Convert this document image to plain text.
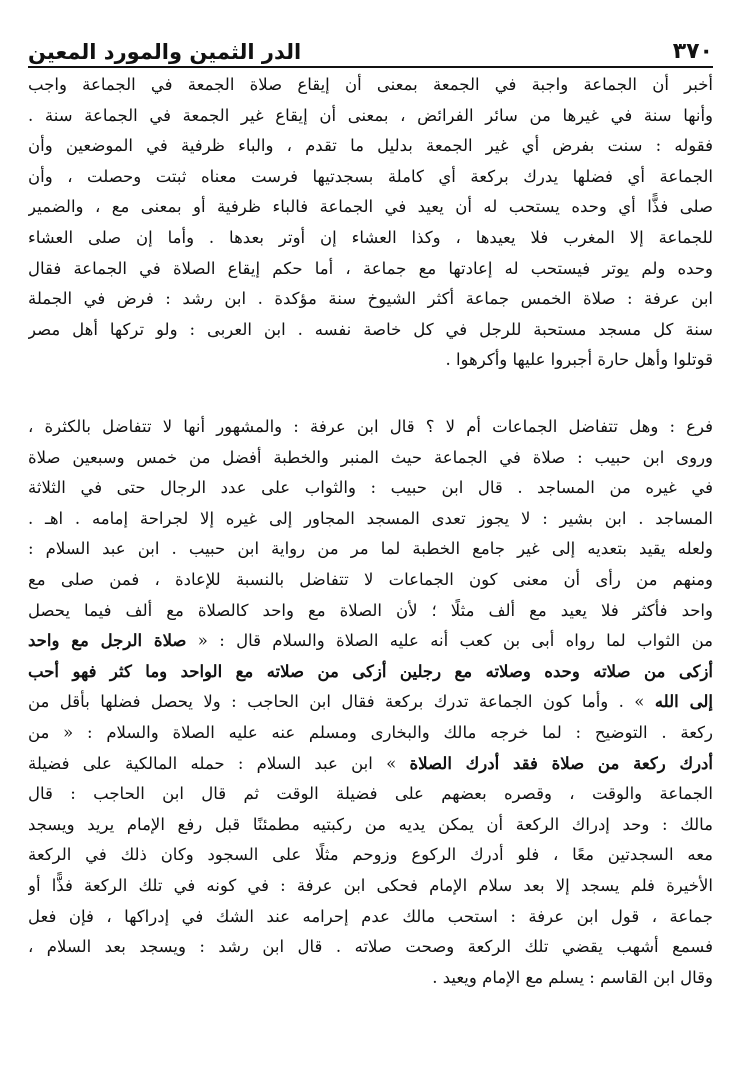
٣٧٠
الدر الثمين والمورد المعين
أخبر أن الجماعة واجبة في الجمعة بمعنى أن إيقاع صلاة الجمعة في الجماعة واجب
وأنها سنة في غيرها من سائر الفرائض ، بمعنى أن إيقاع غير الجمعة في الجماعة سنة .
فقوله : سنت بفرض أي غير الجمعة بدليل ما تقدم ، والباء ظرفية في الموضعين وأن
الجماعة أي فضلها يدرك بركعة أي كاملة بسجدتيها فرست معناه ثبتت وحصلت ، وأن
صلى فذًّا أي وحده يستحب له أن يعيد في الجماعة فالباء ظرفية أو بمعنى مع ، والضمير
للجماعة إلا المغرب فلا يعيدها ، وكذا العشاء إن أوتر بعدها . وأما إن صلى العشاء
وحده ولم يوتر فيستحب له إعادتها مع جماعة ، أما حكم إيقاع الصلاة في الجماعة فقال
ابن عرفة : صلاة الخمس جماعة أكثر الشيوخ سنة مؤكدة . ابن رشد : فرض في الجملة
سنة كل مسجد مستحبة للرجل في كل خاصة نفسه . ابن العربى : ولو تركها أهل مصر
قوتلوا وأهل حارة أجبروا عليها وأكرهوا .
فرع : وهل تتفاضل الجماعات أم لا ؟ قال ابن عرفة : والمشهور أنها لا تتفاضل بالكثرة ،
وروى ابن حبيب : صلاة في الجماعة حيث المنبر والخطبة أفضل من خمس وسبعين صلاة
في غيره من المساجد . قال ابن حبيب : والثواب على عدد الرجال حتى في الثلاثة
المساجد . ابن بشير : لا يجوز تعدى المسجد المجاور إلى غيره إلا لجراحة إمامه . اهـ .
ولعله يقيد بتعديه إلى غير جامع الخطبة لما مر من رواية ابن حبيب . ابن عبد السلام :
ومنهم من رأى أن معنى كون الجماعات لا تتفاضل بالنسبة للإعادة ، فمن صلى مع
واحد فأكثر فلا يعيد مع ألف مثلًا ؛ لأن الصلاة مع واحد كالصلاة مع ألف فيما يحصل
من الثواب لما رواه أبى بن كعب أنه عليه الصلاة والسلام قال : « صلاة الرجل مع واحد
أزكى من صلاته وحده وصلاته مع رجلين أزكى من صلاته مع الواحد وما كثر فهو أحب
إلى الله » . وأما كون الجماعة تدرك بركعة فقال ابن الحاجب : ولا يحصل فضلها بأقل من
ركعة . التوضيح : لما خرجه مالك والبخارى ومسلم عنه عليه الصلاة والسلام : « من
أدرك ركعة من صلاة فقد أدرك الصلاة » ابن عبد السلام : حمله المالكية على فضيلة
الجماعة والوقت ، وقصره بعضهم على فضيلة الوقت ثم قال ابن الحاجب : قال
مالك : وحد إدراك الركعة أن يمكن يديه من ركبتيه مطمئنًا قبل رفع الإمام يريد ويسجد
معه السجدتين معًا ، فلو أدرك الركوع وزوحم مثلًا على السجود وكان ذلك في الركعة
الأخيرة فلم يسجد إلا بعد سلام الإمام فحكى ابن عرفة : في كونه في تلك الركعة فذًّا أو
جماعة ، قول ابن عرفة : استحب مالك عدم إحرامه عند الشك في إدراكها ، فإن فعل
فسمع أشهب يقضي تلك الركعة وصحت صلاته . قال ابن رشد : ويسجد بعد السلام ،
وقال ابن القاسم : يسلم مع الإمام ويعيد .
